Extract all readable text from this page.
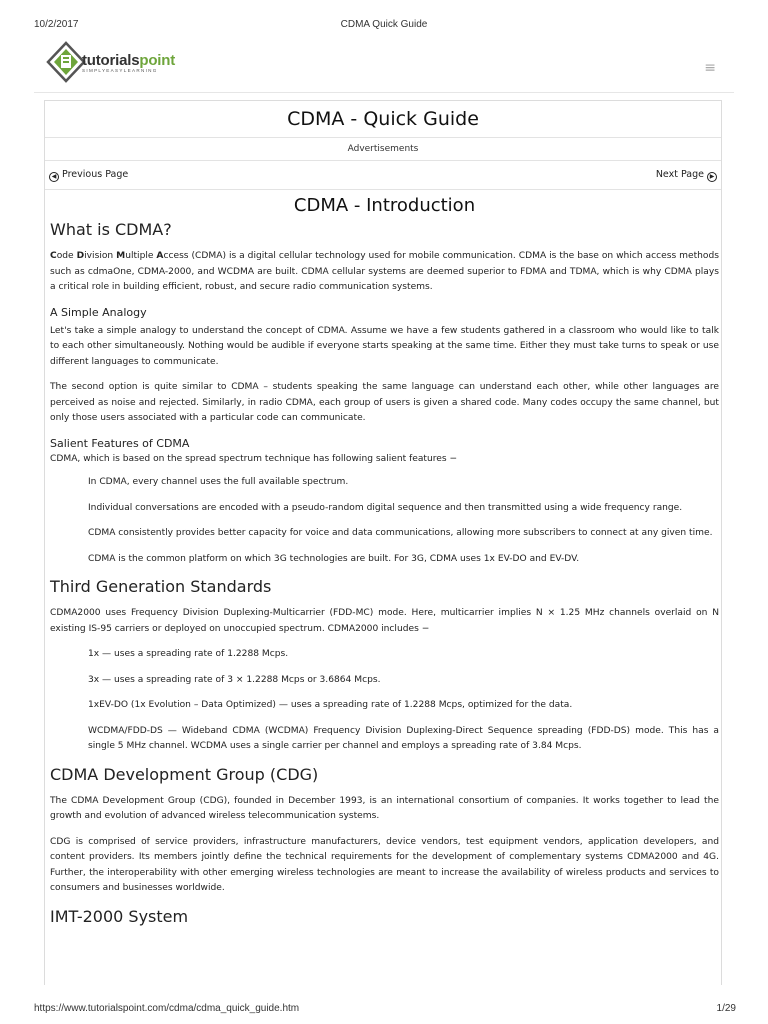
10/2/2017	CDMA Quick Guide
tutorialspoint
SIMPLYEASYLEARNING	≡
CDMA - Quick Guide
Advertisements
◀ Previous Page	Next Page ▶
CDMA - Introduction
What is CDMA?

Code Division Multiple Access (CDMA) is a digital cellular technology used for mobile communication. CDMA is the base on which access methods such as cdmaOne, CDMA-2000, and WCDMA are built. CDMA cellular systems are deemed superior to FDMA and TDMA, which is why CDMA plays a critical role in building efficient, robust, and secure radio communication systems.

A Simple Analogy

Let's take a simple analogy to understand the concept of CDMA. Assume we have a few students gathered in a classroom who would like to talk to each other simultaneously. Nothing would be audible if everyone starts speaking at the same time. Either they must take turns to speak or use different languages to communicate.

The second option is quite similar to CDMA – students speaking the same language can understand each other, while other languages are perceived as noise and rejected. Similarly, in radio CDMA, each group of users is given a shared code. Many codes occupy the same channel, but only those users associated with a particular code can communicate.

Salient Features of CDMA

CDMA, which is based on the spread spectrum technique has following salient features −

In CDMA, every channel uses the full available spectrum.
Individual conversations are encoded with a pseudo-random digital sequence and then transmitted using a wide frequency range.
CDMA consistently provides better capacity for voice and data communications, allowing more subscribers to connect at any given time.
CDMA is the common platform on which 3G technologies are built. For 3G, CDMA uses 1x EV-DO and EV-DV.
Third Generation Standards

CDMA2000 uses Frequency Division Duplexing-Multicarrier (FDD-MC) mode. Here, multicarrier implies N × 1.25 MHz channels overlaid on N existing IS-95 carriers or deployed on unoccupied spectrum. CDMA2000 includes −

1x — uses a spreading rate of 1.2288 Mcps.
3x — uses a spreading rate of 3 × 1.2288 Mcps or 3.6864 Mcps.
1xEV-DO (1x Evolution – Data Optimized) — uses a spreading rate of 1.2288 Mcps, optimized for the data.
WCDMA/FDD-DS — Wideband CDMA (WCDMA) Frequency Division Duplexing-Direct Sequence spreading (FDD-DS) mode. This has a single 5 MHz channel. WCDMA uses a single carrier per channel and employs a spreading rate of 3.84 Mcps.
CDMA Development Group (CDG)

The CDMA Development Group (CDG), founded in December 1993, is an international consortium of companies. It works together to lead the growth and evolution of advanced wireless telecommunication systems.

CDG is comprised of service providers, infrastructure manufacturers, device vendors, test equipment vendors, application developers, and content providers. Its members jointly define the technical requirements for the development of complementary systems CDMA2000 and 4G. Further, the interoperability with other emerging wireless technologies are meant to increase the availability of wireless products and services to consumers and businesses worldwide.

IMT-2000 System
https://www.tutorialspoint.com/cdma/cdma_quick_guide.htm	1/29
